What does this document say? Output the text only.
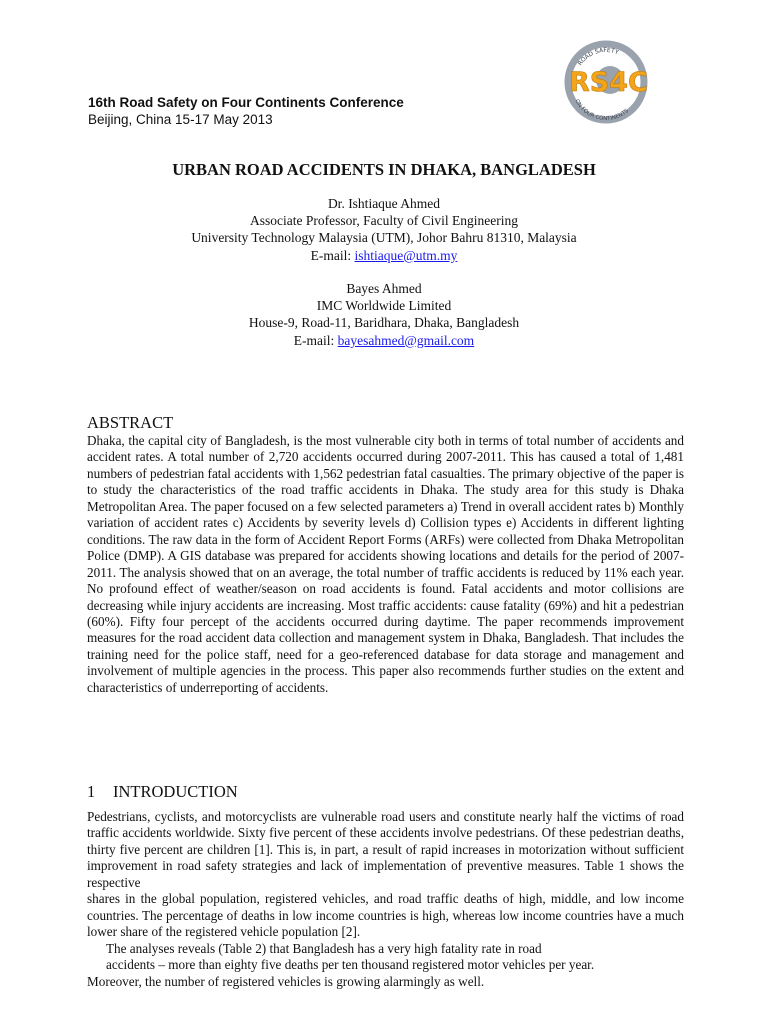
16th Road Safety on Four Continents Conference
Beijing, China 15-17 May 2013
ROAD SAFETY
ON FOUR CONTINENTS
RS4C
URBAN ROAD ACCIDENTS IN DHAKA, BANGLADESH
Dr. Ishtiaque Ahmed
Associate Professor, Faculty of Civil Engineering
University Technology Malaysia (UTM), Johor Bahru 81310, Malaysia
E-mail: ishtiaque@utm.my
Bayes Ahmed
IMC Worldwide Limited
House-9, Road-11, Baridhara, Dhaka, Bangladesh
E-mail: bayesahmed@gmail.com
ABSTRACT
Dhaka, the capital city of Bangladesh, is the most vulnerable city both in terms of total number of accidents and accident rates. A total number of 2,720 accidents occurred during 2007-2011. This has caused a total of 1,481 numbers of pedestrian fatal accidents with 1,562 pedestrian fatal casualties. The primary objective of the paper is to study the characteristics of the road traffic accidents in Dhaka. The study area for this study is Dhaka Metropolitan Area. The paper focused on a few selected parameters a) Trend in overall accident rates b) Monthly variation of accident rates c) Accidents by severity levels d) Collision types e) Accidents in different lighting conditions. The raw data in the form of Accident Report Forms (ARFs) were collected from Dhaka Metropolitan Police (DMP). A GIS database was prepared for accidents showing locations and details for the period of 2007-2011. The analysis showed that on an average, the total number of traffic accidents is reduced by 11% each year. No profound effect of weather/season on road accidents is found. Fatal accidents and motor collisions are decreasing while injury accidents are increasing. Most traffic accidents: cause fatality (69%) and hit a pedestrian (60%). Fifty four percept of the accidents occurred during daytime. The paper recommends improvement measures for the road accident data collection and management system in Dhaka, Bangladesh. That includes the training need for the police staff, need for a geo-referenced database for data storage and management and involvement of multiple agencies in the process. This paper also recommends further studies on the extent and characteristics of underreporting of accidents.
1 INTRODUCTION

Pedestrians, cyclists, and motorcyclists are vulnerable road users and constitute nearly half the victims of road traffic accidents worldwide. Sixty five percent of these accidents involve pedestrians. Of these pedestrian deaths, thirty five percent are children [1]. This is, in part, a result of rapid increases in motorization without sufficient improvement in road safety strategies and lack of implementation of preventive measures. Table 1 shows the respective

shares in the global population, registered vehicles, and road traffic deaths of high, middle, and low income countries. The percentage of deaths in low income countries is high, whereas low income countries have a much lower share of the registered vehicle population [2].

The analyses reveals (Table 2) that Bangladesh has a very high fatality rate in road

accidents – more than eighty five deaths per ten thousand registered motor vehicles per year.

Moreover, the number of registered vehicles is growing alarmingly as well.
